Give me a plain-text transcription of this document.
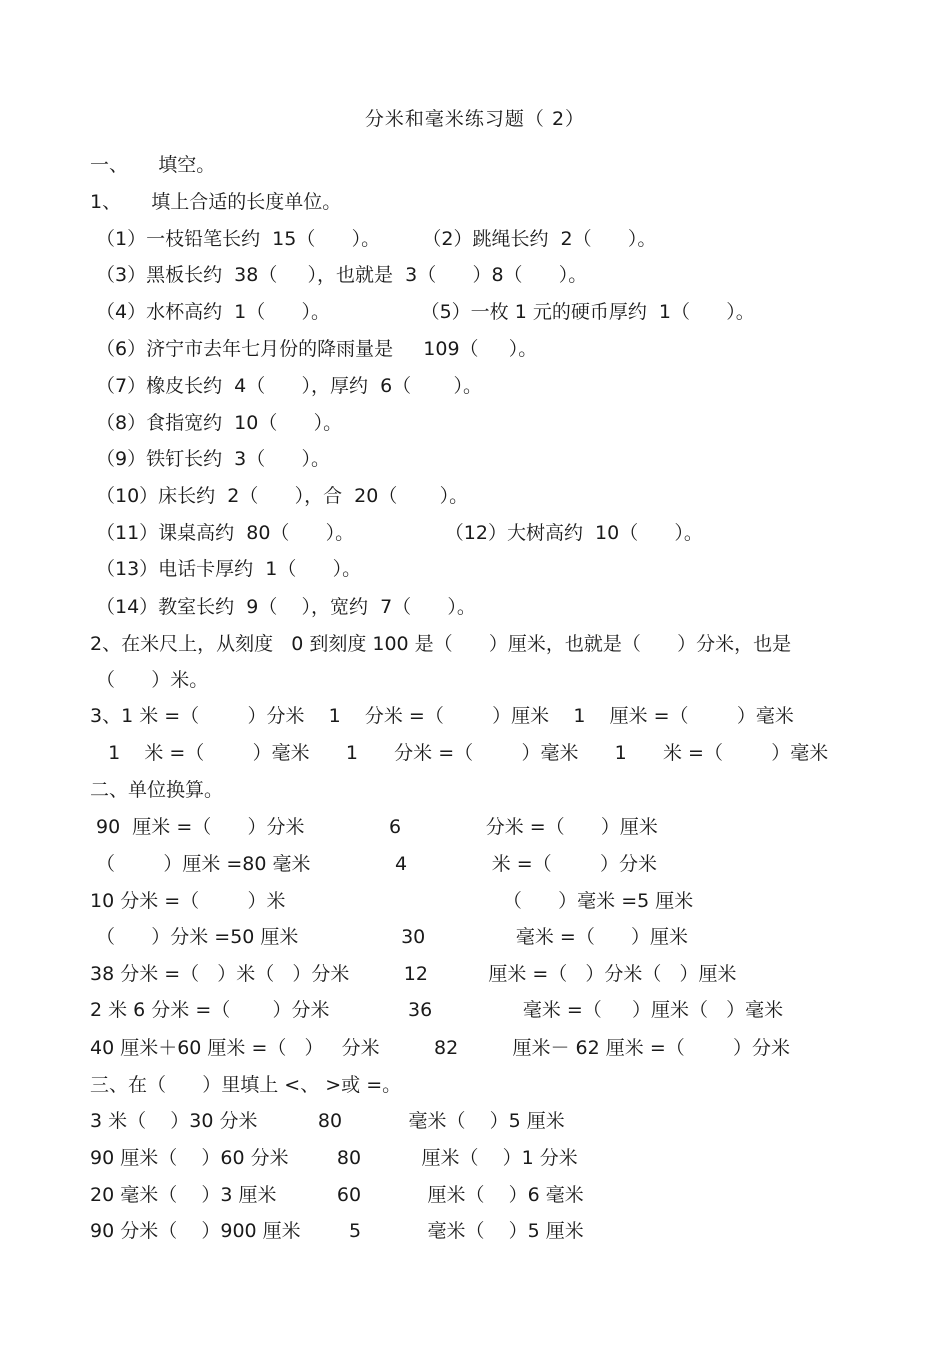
分米和毫米练习题（ 2）
一、     填空。
1、     填上合适的长度单位。
（1）一枝铅笔长约  15（      ）。       （2）跳绳长约  2（      ）。
（3）黑板长约  38（     ），也就是  3（      ）8（      ）。
（4）水杯高约  1（      ）。               （5）一枚 1 元的硬币厚约  1（      ）。
（6）济宁市去年七月份的降雨量是     109（     ）。
（7）橡皮长约  4（      ），厚约  6（       ）。
（8）食指宽约  10（      ）。
（9）铁钉长约  3（      ）。
（10）床长约  2（      ），合  20（       ）。
（11）课桌高约  80（      ）。               （12）大树高约  10（      ）。
（13）电话卡厚约  1（      ）。
（14）教室长约  9（    ），宽约  7（      ）。
2、在米尺上，从刻度   0 到刻度 100 是（      ）厘米，也就是（      ）分米，也是
（      ）米。
3、1 米 =（        ）分米    1    分米 =（        ）厘米    1    厘米 =（        ）毫米
1    米 =（        ）毫米      1      分米 =（        ）毫米      1      米 =（        ）毫米
二、单位换算。
90  厘米 =（      ）分米              6              分米 =（      ）厘米
（        ）厘米 =80 毫米              4              米 =（        ）分米
10 分米 =（        ）米                                    （      ）毫米 =5 厘米
（      ）分米 =50 厘米                 30               毫米 =（      ）厘米
38 分米 =（   ）米（   ）分米         12          厘米 =（   ）分米（   ）厘米
2 米 6 分米 =（       ）分米             36               毫米 =（     ）厘米（   ）毫米
40 厘米＋60 厘米 =（   ）   分米         82         厘米－ 62 厘米 =（        ）分米
三、在（      ）里填上 <、 >或 =。
3 米（    ）30 分米          80           毫米（    ）5 厘米
90 厘米（    ）60 分米        80          厘米（    ）1 分米
20 毫米（    ）3 厘米          60           厘米（    ）6 毫米
90 分米（    ）900 厘米        5           毫米（    ）5 厘米
